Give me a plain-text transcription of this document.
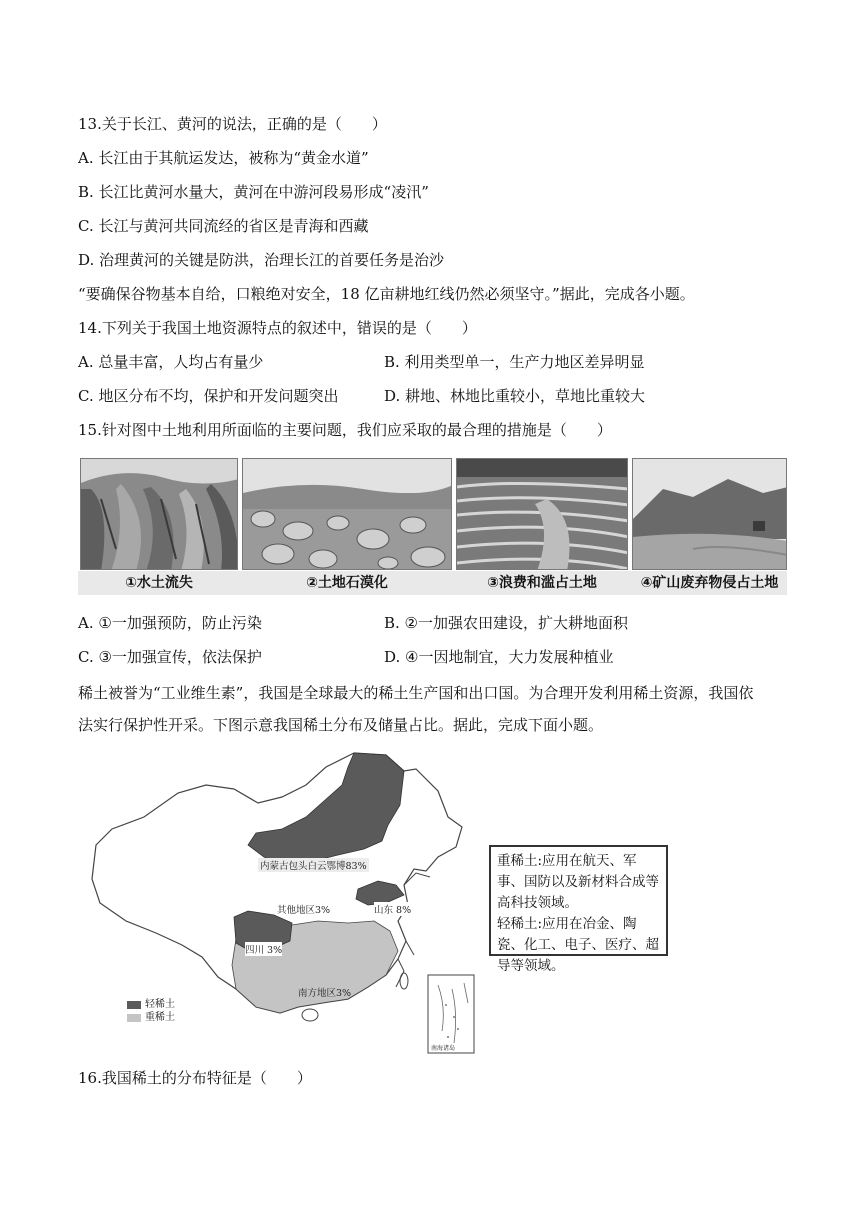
13.关于长江、黄河的说法，正确的是（　　）
A. 长江由于其航运发达，被称为“黄金水道”
B. 长江比黄河水量大，黄河在中游河段易形成“凌汛”
C. 长江与黄河共同流经的省区是青海和西藏
D. 治理黄河的关键是防洪，治理长江的首要任务是治沙
“要确保谷物基本自给，口粮绝对安全，18 亿亩耕地红线仍然必须坚守。”据此，完成各小题。
14.下列关于我国土地资源特点的叙述中，错误的是（　　）
A. 总量丰富，人均占有量少	B. 利用类型单一，生产力地区差异明显
C. 地区分布不均，保护和开发问题突出	D. 耕地、林地比重较小，草地比重较大
15.针对图中土地利用所面临的主要问题，我们应采取的最合理的措施是（　　）
①水土流失	②土地石漠化	③浪费和滥占土地	④矿山废弃物侵占土地
A. ①一加强预防，防止污染	B. ②一加强农田建设，扩大耕地面积
C. ③一加强宣传，依法保护	D. ④一因地制宜，大力发展种植业
稀土被誉为“工业维生素”，我国是全球最大的稀土生产国和出口国。为合理开发利用稀土资源，我国依
法实行保护性开采。下图示意我国稀土分布及储量占比。据此，完成下面小题。
内蒙古包头白云鄂博83%
其他地区3%	山东 8%
四川 3%
南方地区3%
南海诸岛
轻稀土
重稀土
重稀土:应用在航天、军事、国防以及新材料合成等高科技领域。
轻稀土:应用在冶金、陶瓷、化工、电子、医疗、超导等领域。
16.我国稀土的分布特征是（　　）
